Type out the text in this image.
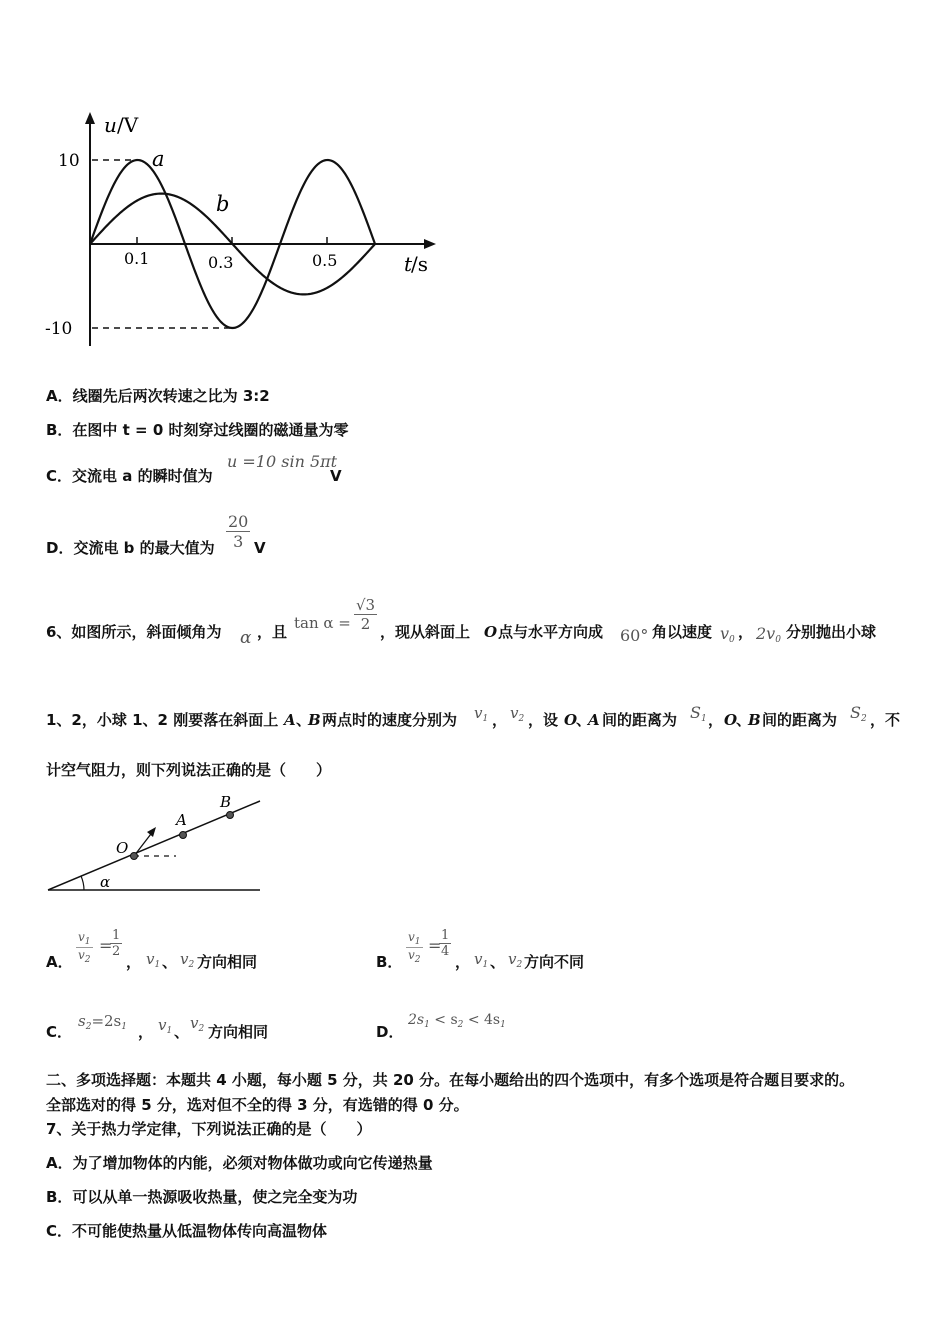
u /V
10
-10
0.1	0.3	0.5	t
/s
a
b
A．线圈先后两次转速之比为 3:2
B．在图中 t = 0 时刻穿过线圈的磁通量为零
C．交流电 a 的瞬时值为
u =10 sin 5πt
V
D．交流电 b 的最大值为 $\frac{20}{3}$ V
6、如图所示，斜面倾角为 α ，且 $\tan \alpha = \frac{√3}{2}$ ，现从斜面上 O 点与水平方向成 60° 角以速度 $v_0$ ， $2v_0$ 分别抛出小球
1、2，小球 1、2 刚要落在斜面上 A 、
B 两点时的速度分别为 $v_1$ ， $v_2$ ，设 O
、
A 间的距离为 $S_1$ ， O
、
B 间的距离为 $S_2$ ，不
计空气阻力，则下列说法正确的是（　　）
B
A
O
α
A． $\frac{v_1}{v_2}$ =
$\frac{1}{2}$
， $v_1$ 、 $v_2$ 方向相同	B． $\frac{v_1}{v_2}$ =
$\frac{1}{4}$
， $v_1$ 、 $v_2$ 方向不同
C．
$s_2=2s_1$ ， $v_1$ 、 $v_2$ 方向相同	D．
$2s_1 < s_2 < 4s_1$
二、多项选择题：本题共 4 小题，每小题 5 分，共 20 分。在每小题给出的四个选项中，有多个选项是符合题目要求的。
全部选对的得 5 分，选对但不全的得 3 分，有选错的得 0 分。
7、关于热力学定律，下列说法正确的是（　　）
A．为了增加物体的内能，必须对物体做功或向它传递热量
B．可以从单一热源吸收热量，使之完全变为功
C．不可能使热量从低温物体传向高温物体
